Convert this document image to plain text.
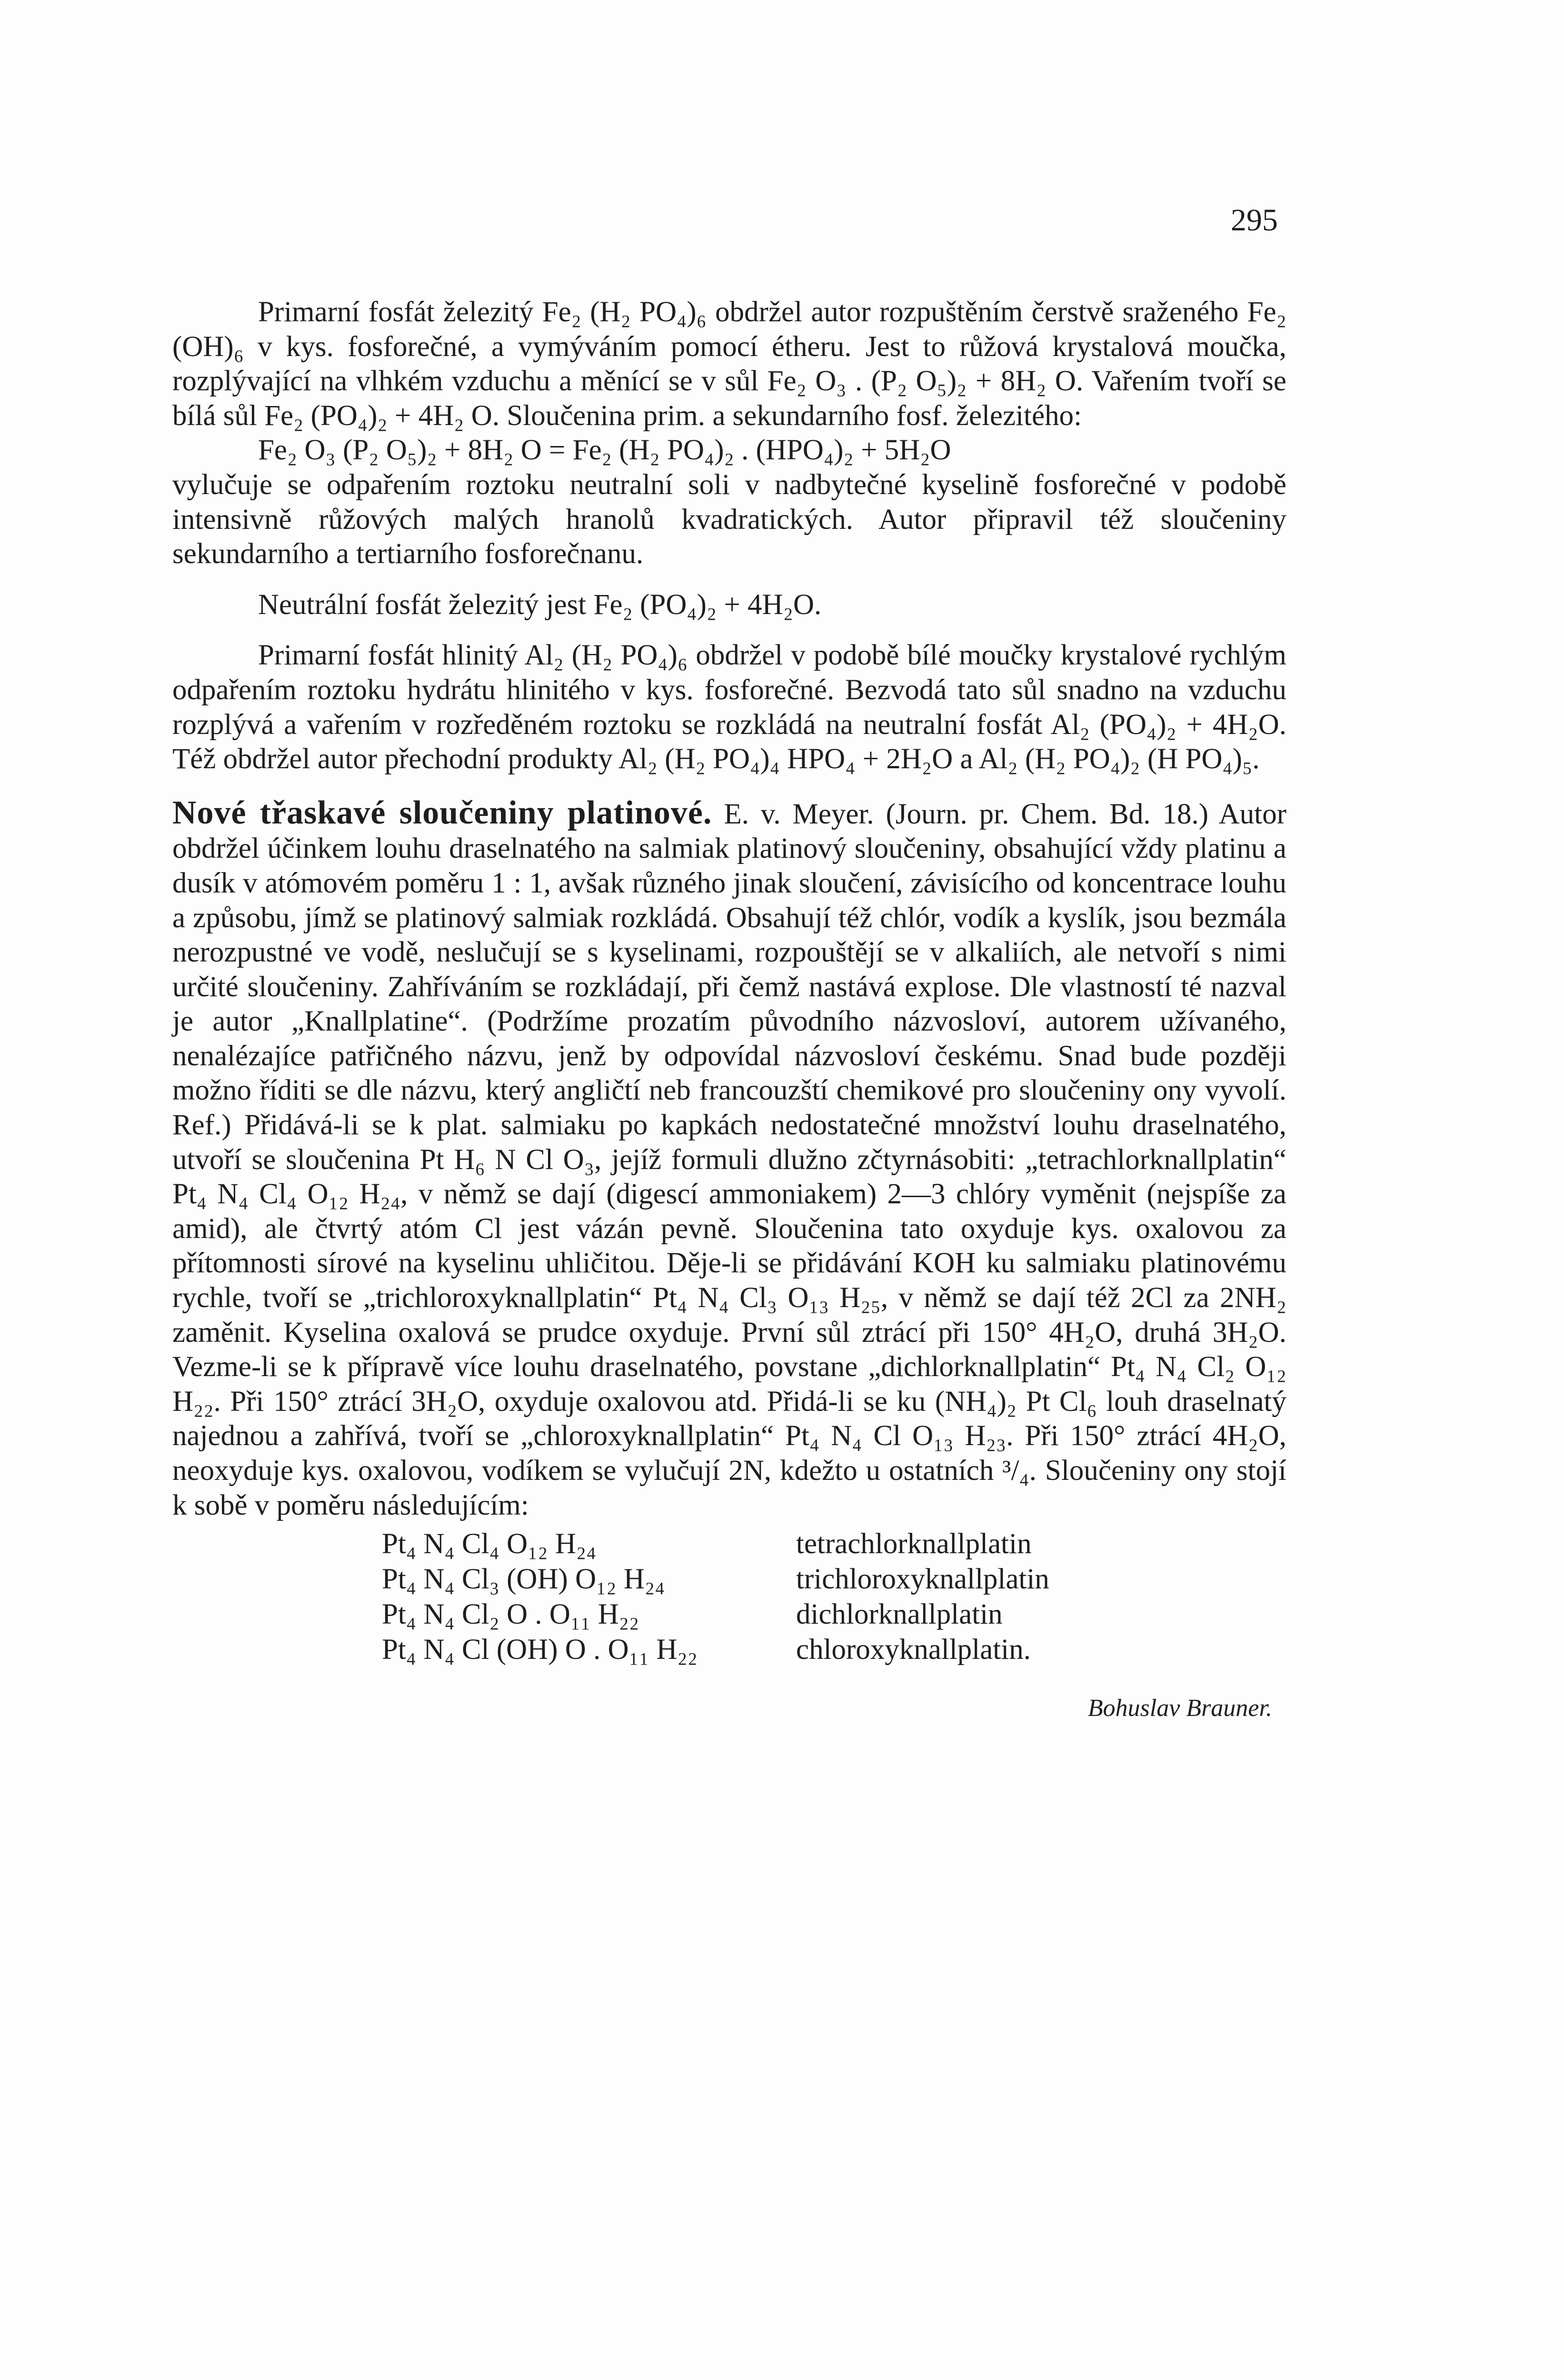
295

Primarní fosfát železitý Fe₂ (H₂ PO₄)₆ obdržel autor rozpuštěním čerstvě sraženého Fe₂ (OH)₆ v kys. fosforečné, a vymýváním pomocí étheru. Jest to růžová krystalová moučka, rozplývající na vlhkém vzduchu a měnící se v sůl Fe₂ O₃ . (P₂ O₅)₂ + 8H₂ O. Vařením tvoří se bílá sůl Fe₂ (PO₄)₂ + 4H₂ O. Sloučenina prim. a sekundarního fosf. železitého:

Fe₂ O₃ (P₂ O₅)₂ + 8H₂ O = Fe₂ (H₂ PO₄)₂ . (HPO₄)₂ + 5H₂O

vylučuje se odpařením roztoku neutralní soli v nadbytečné kyselině fosforečné v podobě intensivně růžových malých hranolů kvadratických. Autor připravil též sloučeniny sekundarního a tertiarního fosforečnanu.

Neutrální fosfát železitý jest Fe₂ (PO₄)₂ + 4H₂O.

Primarní fosfát hlinitý Al₂ (H₂ PO₄)₆ obdržel v podobě bílé moučky krystalové rychlým odpařením roztoku hydrátu hlinitého v kys. fosforečné. Bezvodá tato sůl snadno na vzduchu rozplývá a vařením v rozředěném roztoku se rozkládá na neutralní fosfát Al₂ (PO₄)₂ + 4H₂O. Též obdržel autor přechodní produkty Al₂ (H₂ PO₄)₄ HPO₄ + 2H₂O a Al₂ (H₂ PO₄)₂ (H PO₄)₅.

Nové třaskavé sloučeniny platinové. E. v. Meyer. (Journ. pr. Chem. Bd. 18.) Autor obdržel účinkem louhu draselnatého na salmiak platinový sloučeniny, obsahující vždy platinu a dusík v atómovém poměru 1 : 1, avšak různého jinak sloučení, závisícího od koncentrace louhu a způsobu, jímž se platinový salmiak rozkládá. Obsahují též chlór, vodík a kyslík, jsou bezmála nerozpustné ve vodě, neslučují se s kyselinami, rozpouštějí se v alkaliích, ale netvoří s nimi určité sloučeniny. Zahříváním se rozkládají, při čemž nastává explose. Dle vlastností té nazval je autor „Knallplatine“. (Podržíme prozatím původního názvosloví, autorem užívaného, nenalézajíce patřičného názvu, jenž by odpovídal názvosloví českému. Snad bude později možno říditi se dle názvu, který angličtí neb francouzští chemikové pro sloučeniny ony vyvolí. Ref.) Přidává-li se k plat. salmiaku po kapkách nedostatečné množství louhu draselnatého, utvoří se sloučenina Pt H₆ N Cl O₃, jejíž formuli dlužno zčtyrnásobiti: „tetrachlorknallplatin“ Pt₄ N₄ Cl₄ O₁₂ H₂₄, v němž se dají (digescí ammoniakem) 2—3 chlóry vyměnit (nejspíše za amid), ale čtvrtý atóm Cl jest vázán pevně. Sloučenina tato oxyduje kys. oxalovou za přítomnosti sírové na kyselinu uhličitou. Děje-li se přidávání KOH ku salmiaku platinovému rychle, tvoří se „trichloroxyknallplatin“ Pt₄ N₄ Cl₃ O₁₃ H₂₅, v němž se dají též 2Cl za 2NH₂ zaměnit. Kyselina oxalová se prudce oxyduje. První sůl ztrácí při 150° 4H₂O, druhá 3H₂O. Vezme-li se k přípravě více louhu draselnatého, povstane „dichlorknallplatin“ Pt₄ N₄ Cl₂ O₁₂ H₂₂. Při 150° ztrácí 3H₂O, oxyduje oxalovou atd. Přidá-li se ku (NH₄)₂ Pt Cl₆ louh draselnatý najednou a zahřívá, tvoří se „chloroxyknallplatin“ Pt₄ N₄ Cl O₁₃ H₂₃. Při 150° ztrácí 4H₂O, neoxyduje kys. oxalovou, vodíkem se vylučují 2N, kdežto u ostatních ³/₄. Sloučeniny ony stojí k sobě v poměru následujícím:

Pt₄ N₄ Cl₄ O₁₂ H₂₄	tetrachlorknallplatin
Pt₄ N₄ Cl₃ (OH) O₁₂ H₂₄	trichloroxyknallplatin
Pt₄ N₄ Cl₂ O . O₁₁ H₂₂	dichlorknallplatin
Pt₄ N₄ Cl (OH) O . O₁₁ H₂₂	chloroxyknallplatin.
Bohuslav Brauner.
